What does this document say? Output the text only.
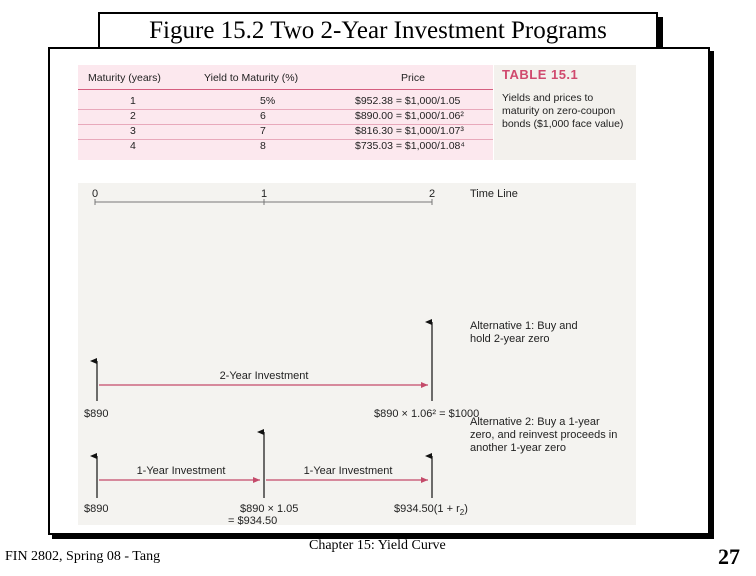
Figure 15.2 Two 2-Year Investment Programs
Maturity (years)	Yield to Maturity (%)	Price
1	5%	$952.38 = $1,000/1.05
2	6	$890.00 = $1,000/1.06²
3	7	$816.30 = $1,000/1.07³
4	8	$735.03 = $1,000/1.08⁴
TABLE 15.1
Yields and prices to maturity on zero-coupon bonds ($1,000 face value)
0	1	2	Time Line
Alternative 1: Buy and
hold 2-year zero
2-Year Investment
$890	$890 × 1.06² = $1000
Alternative 2: Buy a 1-year
zero, and reinvest proceeds in
another 1-year zero
1-Year Investment	1-Year Investment
$890	$890 × 1.05
= $934.50
$934.50(1 + $r_2$)
FIN 2802, Spring 08 - Tang
Chapter 15: Yield Curve	27
